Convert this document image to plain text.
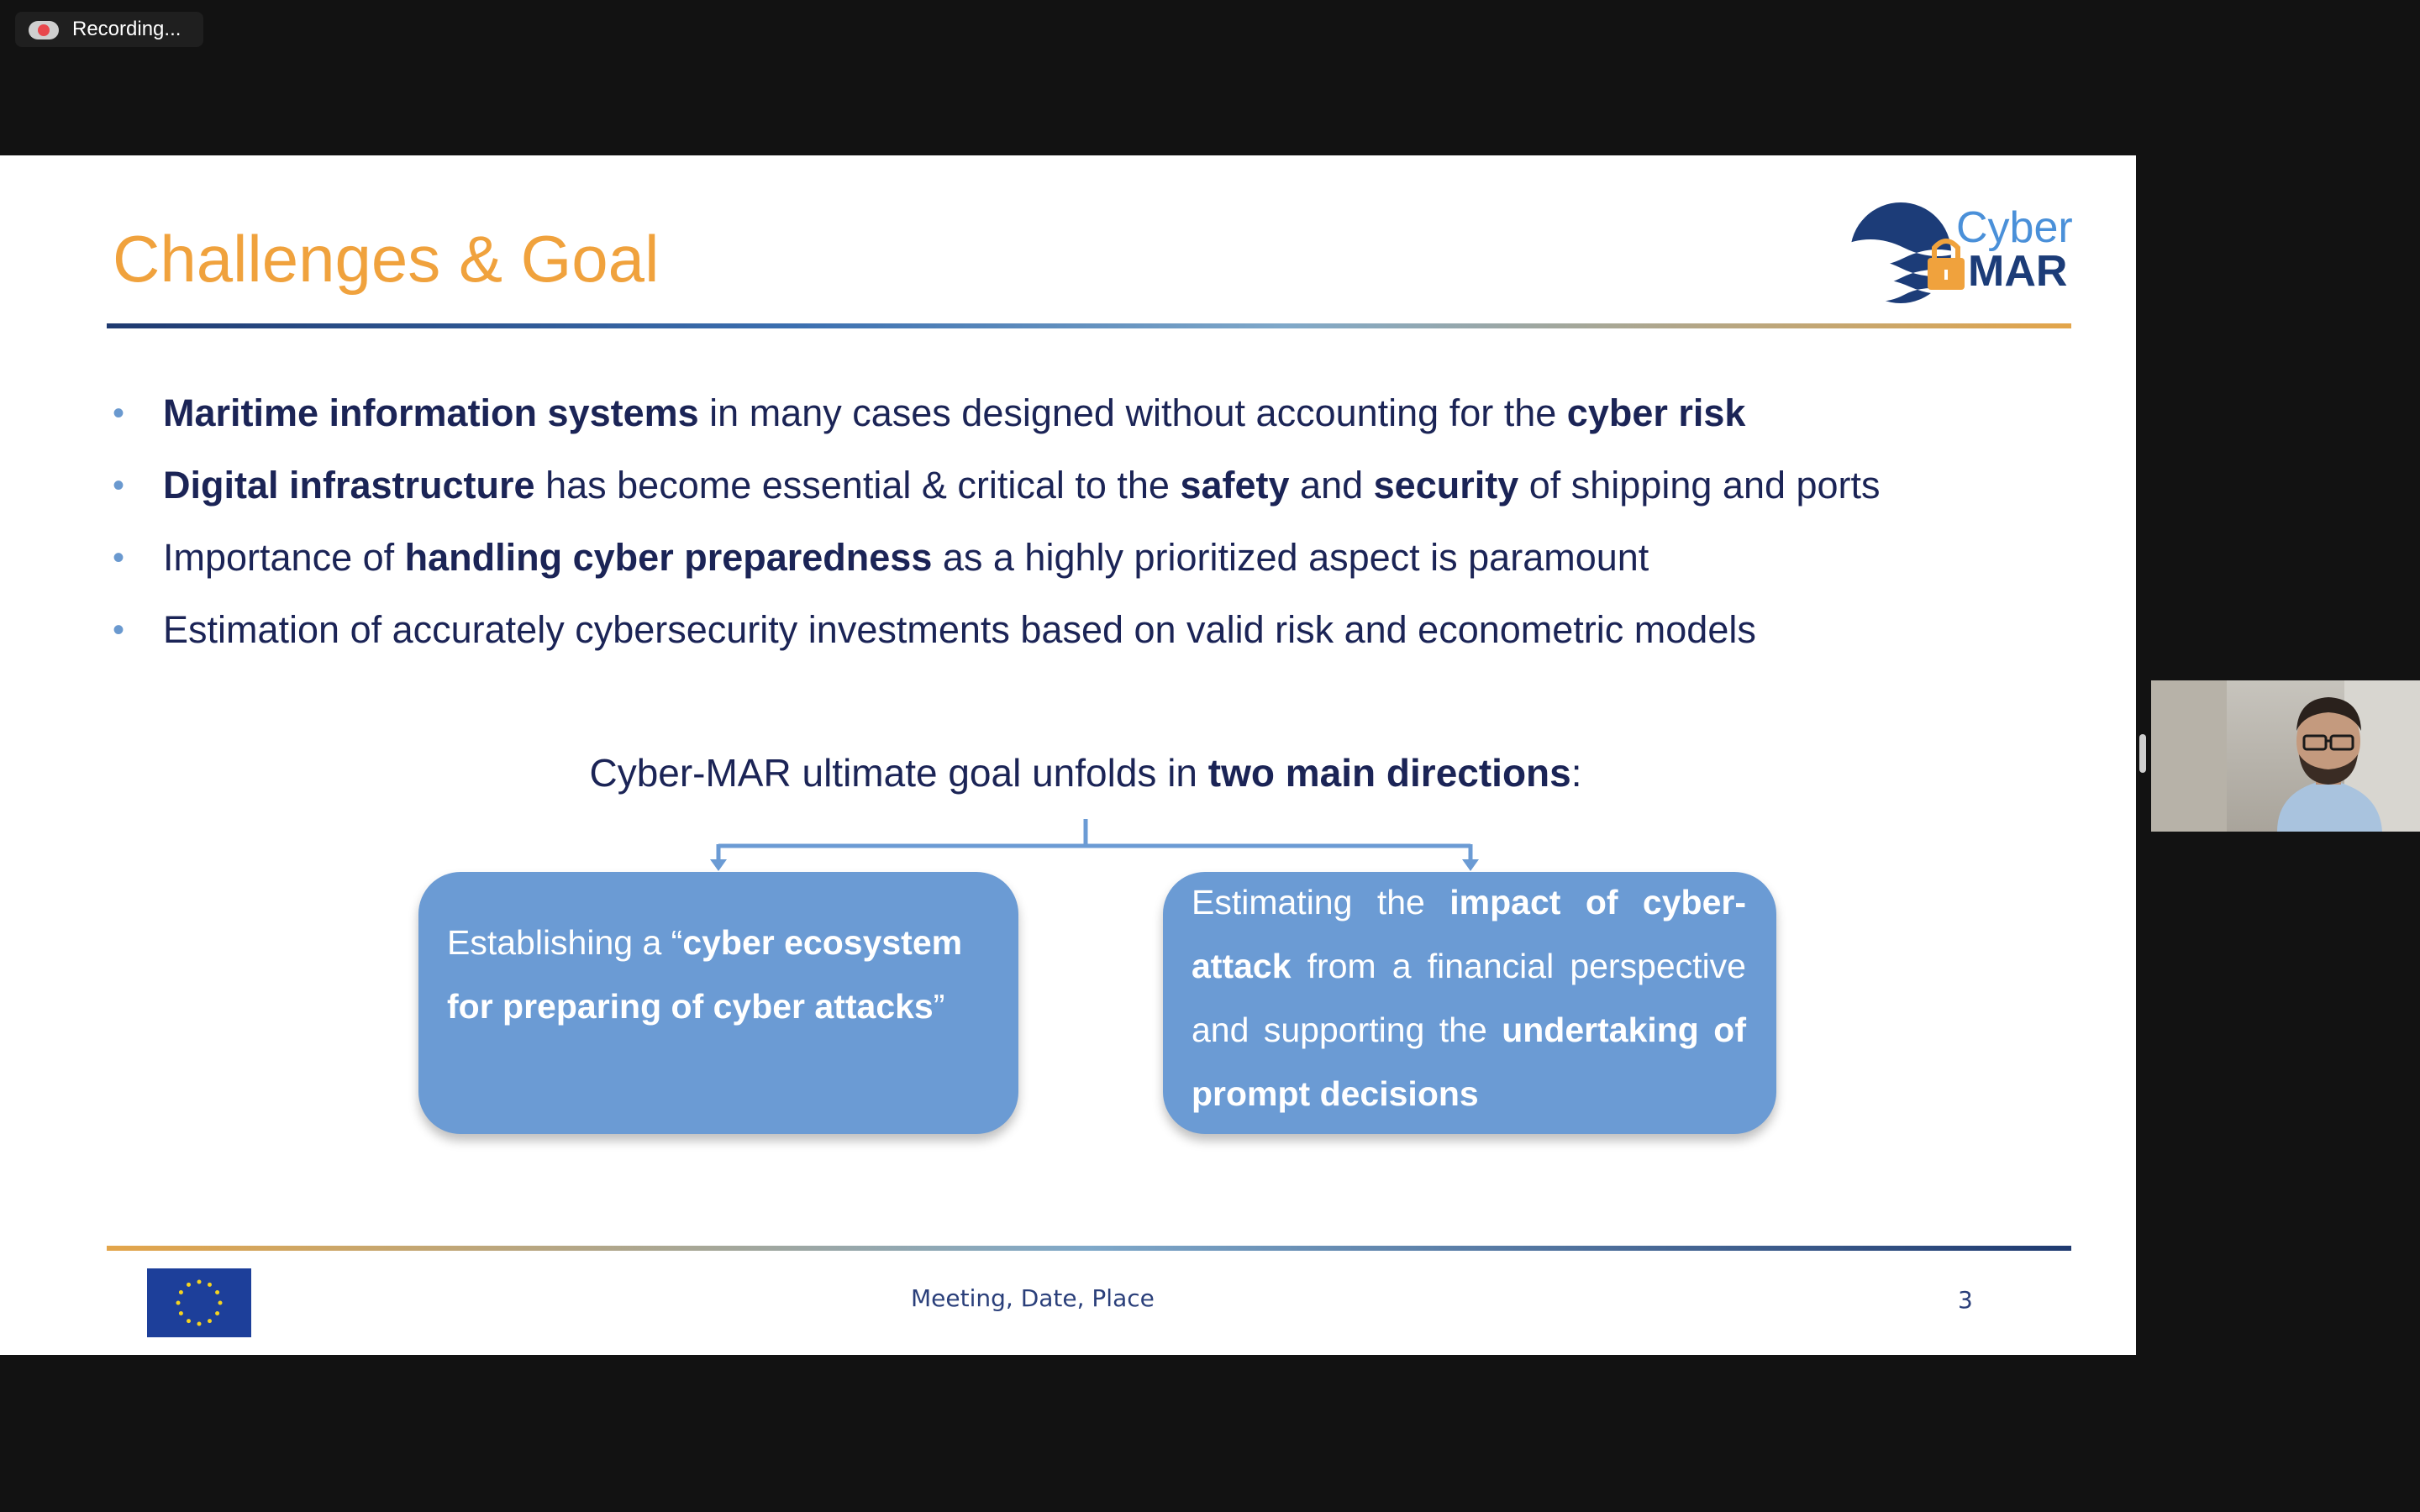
Recording...
Challenges & Goal	Cyber
MAR
• Maritime information systems in many cases designed without accounting for the cyber risk
• Digital infrastructure has become essential & critical to the safety and security of shipping and ports
• Importance of handling cyber preparedness as a highly prioritized aspect is paramount
• Estimation of accurately cybersecurity investments based on valid risk and econometric models
Cyber-MAR ultimate goal unfolds in two main directions:
Establishing a “cyber ecosystem for preparing of cyber attacks”
Estimating the impact of cyber-attack from a financial perspective and supporting the undertaking of prompt decisions
Meeting, Date, Place	3
